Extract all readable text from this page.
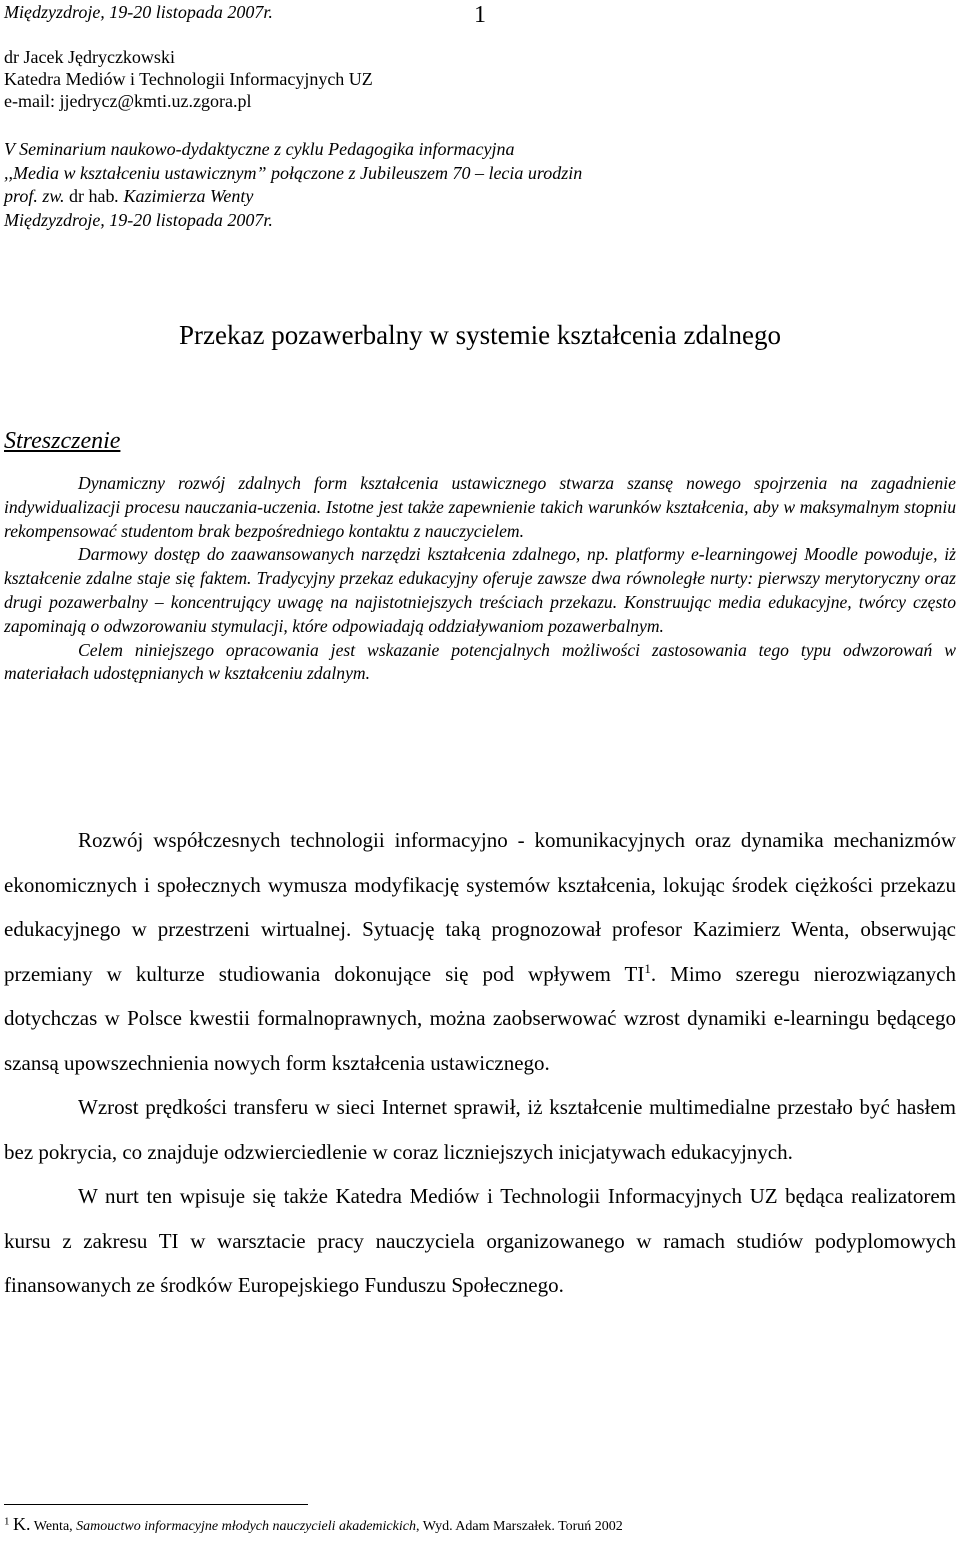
Międzyzdroje, 19-20 listopada 2007r.	1
dr Jacek Jędryczkowski
Katedra Mediów i Technologii Informacyjnych UZ
e-mail: jjedrycz@kmti.uz.zgora.pl
V Seminarium naukowo-dydaktyczne z cyklu Pedagogika informacyjna
,,Media w kształceniu ustawicznym” połączone z Jubileuszem 70 – lecia urodzin
prof. zw. dr hab. Kazimierza Wenty
Międzyzdroje, 19-20 listopada 2007r.
Przekaz pozawerbalny w systemie kształcenia zdalnego
Streszczenie

Dynamiczny rozwój zdalnych form kształcenia ustawicznego stwarza szansę nowego spojrzenia na zagadnienie indywidualizacji procesu nauczania-uczenia. Istotne jest także zapewnienie takich warunków kształcenia, aby w maksymalnym stopniu rekompensować studentom brak bezpośredniego kontaktu z nauczycielem.

Darmowy dostęp do zaawansowanych narzędzi kształcenia zdalnego, np. platformy e-learningowej Moodle powoduje, iż kształcenie zdalne staje się faktem. Tradycyjny przekaz edukacyjny oferuje zawsze dwa równoległe nurty: pierwszy merytoryczny oraz drugi pozawerbalny – koncentrujący uwagę na najistotniejszych treściach przekazu. Konstruując media edukacyjne, twórcy często zapominają o odwzorowaniu stymulacji, które odpowiadają oddziaływaniom pozawerbalnym.

Celem niniejszego opracowania jest wskazanie potencjalnych możliwości zastosowania tego typu odwzorowań w materiałach udostępnianych w kształceniu zdalnym.

Rozwój współczesnych technologii informacyjno - komunikacyjnych oraz dynamika mechanizmów ekonomicznych i społecznych wymusza modyfikację systemów kształcenia, lokując środek ciężkości przekazu edukacyjnego w przestrzeni wirtualnej. Sytuację taką prognozował profesor Kazimierz Wenta, obserwując przemiany w kulturze studiowania dokonujące się pod wpływem $TI^1$. Mimo szeregu nierozwiązanych dotychczas w Polsce kwestii formalnoprawnych, można zaobserwować wzrost dynamiki e-learningu będącego szansą upowszechnienia nowych form kształcenia ustawicznego.

Wzrost prędkości transferu w sieci Internet sprawił, iż kształcenie multimedialne przestało być hasłem bez pokrycia, co znajduje odzwierciedlenie w coraz liczniejszych inicjatywach edukacyjnych.

W nurt ten wpisuje się także Katedra Mediów i Technologii Informacyjnych UZ będąca realizatorem kursu z zakresu TI w warsztacie pracy nauczyciela organizowanego w ramach studiów podyplomowych finansowanych ze środków Europejskiego Funduszu Społecznego.

$^1$ K. Wenta, Samouctwo informacyjne młodych nauczycieli akademickich, Wyd. Adam Marszałek. Toruń 2002
